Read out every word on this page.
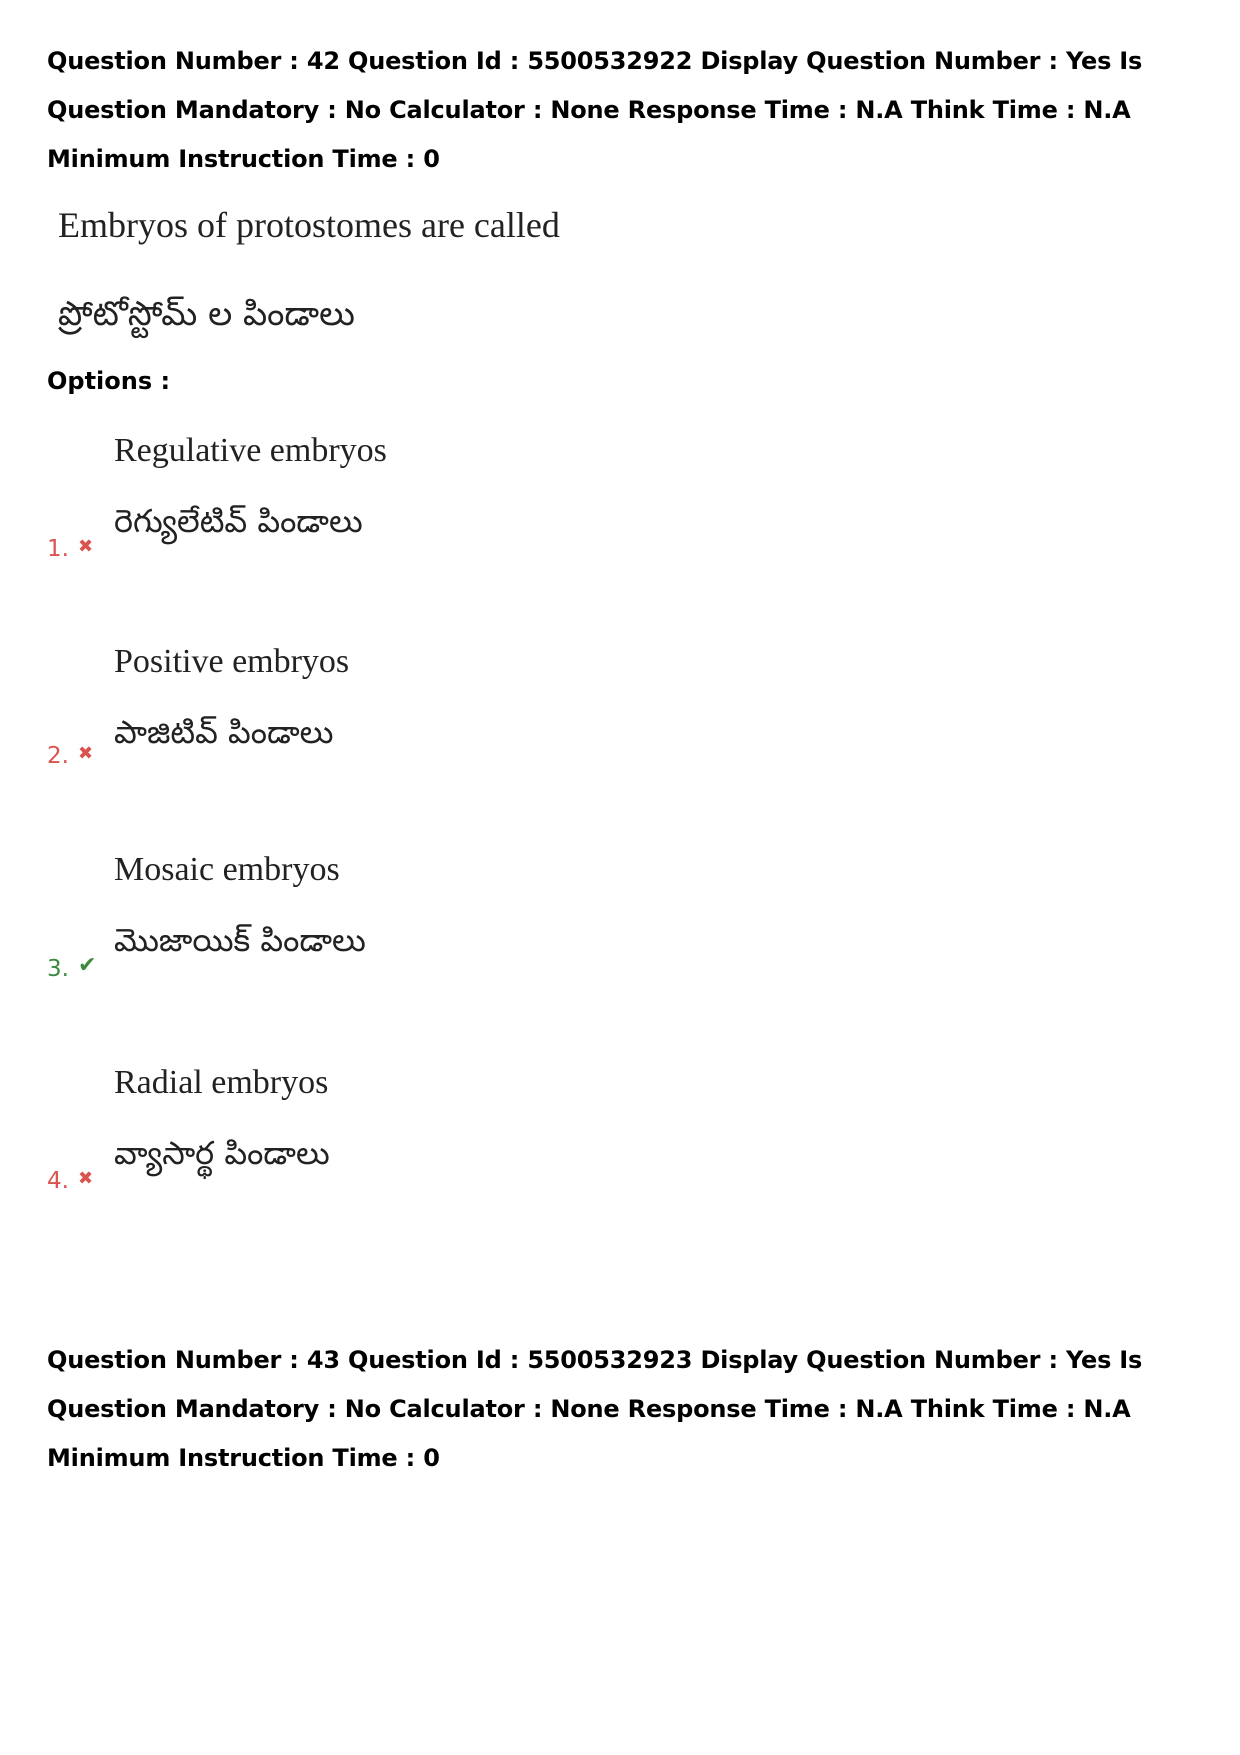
Question Number : 42 Question Id : 5500532922 Display Question Number : Yes Is Question Mandatory : No Calculator : None Response Time : N.A Think Time : N.A Minimum Instruction Time : 0
Embryos of protostomes are called
ప్రోటోస్టోమ్ ల పిండాలు
Options :
Regulative embryos
రెగ్యులేటివ్ పిండాలు
1. ✖
Positive embryos
పాజిటివ్ పిండాలు
2. ✖
Mosaic embryos
మొజాయిక్ పిండాలు
3. ✔
Radial embryos
వ్యాసార్థ పిండాలు
4. ✖
Question Number : 43 Question Id : 5500532923 Display Question Number : Yes Is Question Mandatory : No Calculator : None Response Time : N.A Think Time : N.A Minimum Instruction Time : 0
